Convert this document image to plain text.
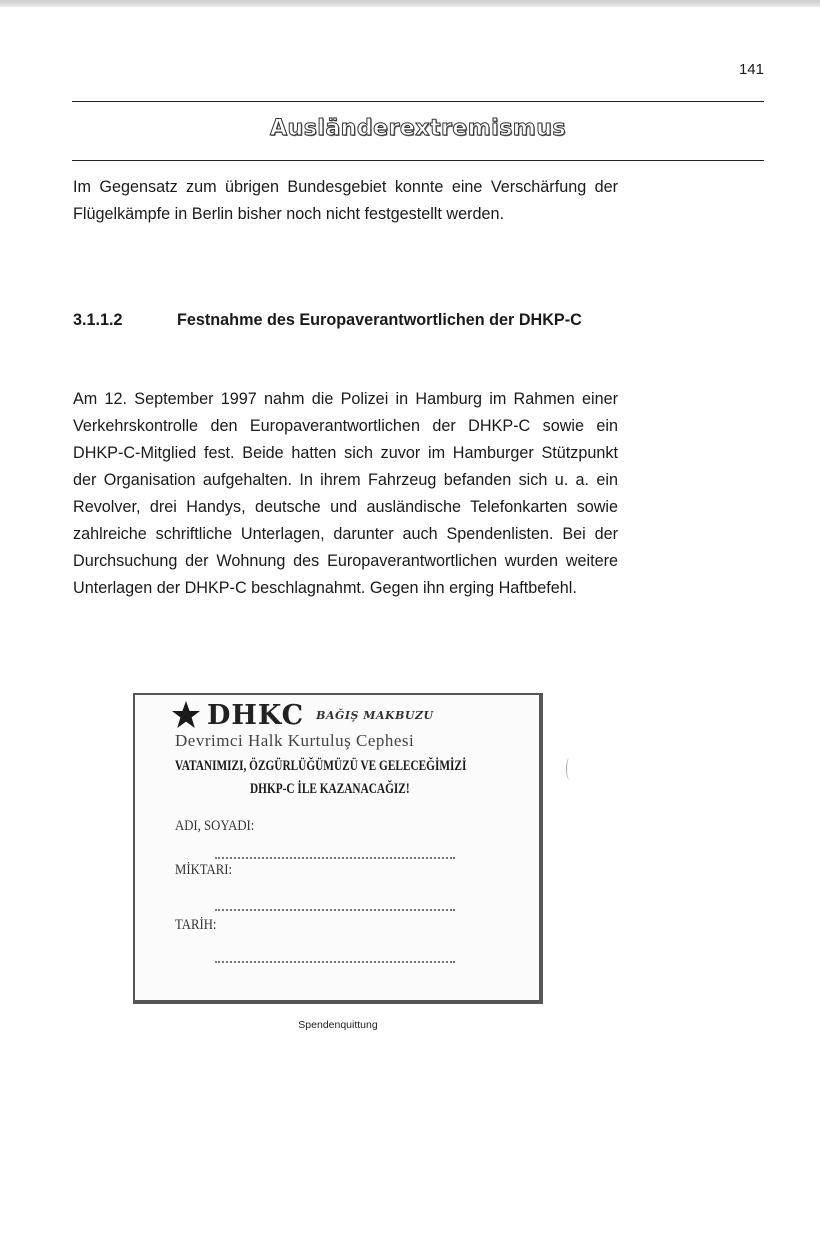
141
Ausländerextremismus

Im Gegensatz zum übrigen Bundesgebiet konnte eine Verschärfung der Flügelkämpfe in Berlin bisher noch nicht festgestellt werden.

3.1.1.2	Festnahme des Europaverantwortlichen der DHKP-C

Am 12. September 1997 nahm die Polizei in Hamburg im Rahmen einer Verkehrskontrolle den Europaverantwortlichen der DHKP-C sowie ein DHKP-C-Mitglied fest. Beide hatten sich zuvor im Hamburger Stützpunkt der Organisation aufgehalten. In ihrem Fahrzeug befanden sich u. a. ein Revolver, drei Handys, deutsche und ausländische Telefonkarten sowie zahlreiche schriftliche Unterlagen, darunter auch Spendenlisten. Bei der Durchsuchung der Wohnung des Europaverantwortlichen wurden weitere Unterlagen der DHKP-C beschlagnahmt. Gegen ihn erging Haftbefehl.

DHKC BAĞIŞ MAKBUZU
Devrimci Halk Kurtuluş Cephesi
VATANIMIZI, ÖZGÜRLÜĞÜMÜZÜ VE GELECEĞİMİZİ
DHKP-C İLE KAZANACAĞIZ!
ADI, SOYADI:
MİKTARI:
TARİH:
Spendenquittung
